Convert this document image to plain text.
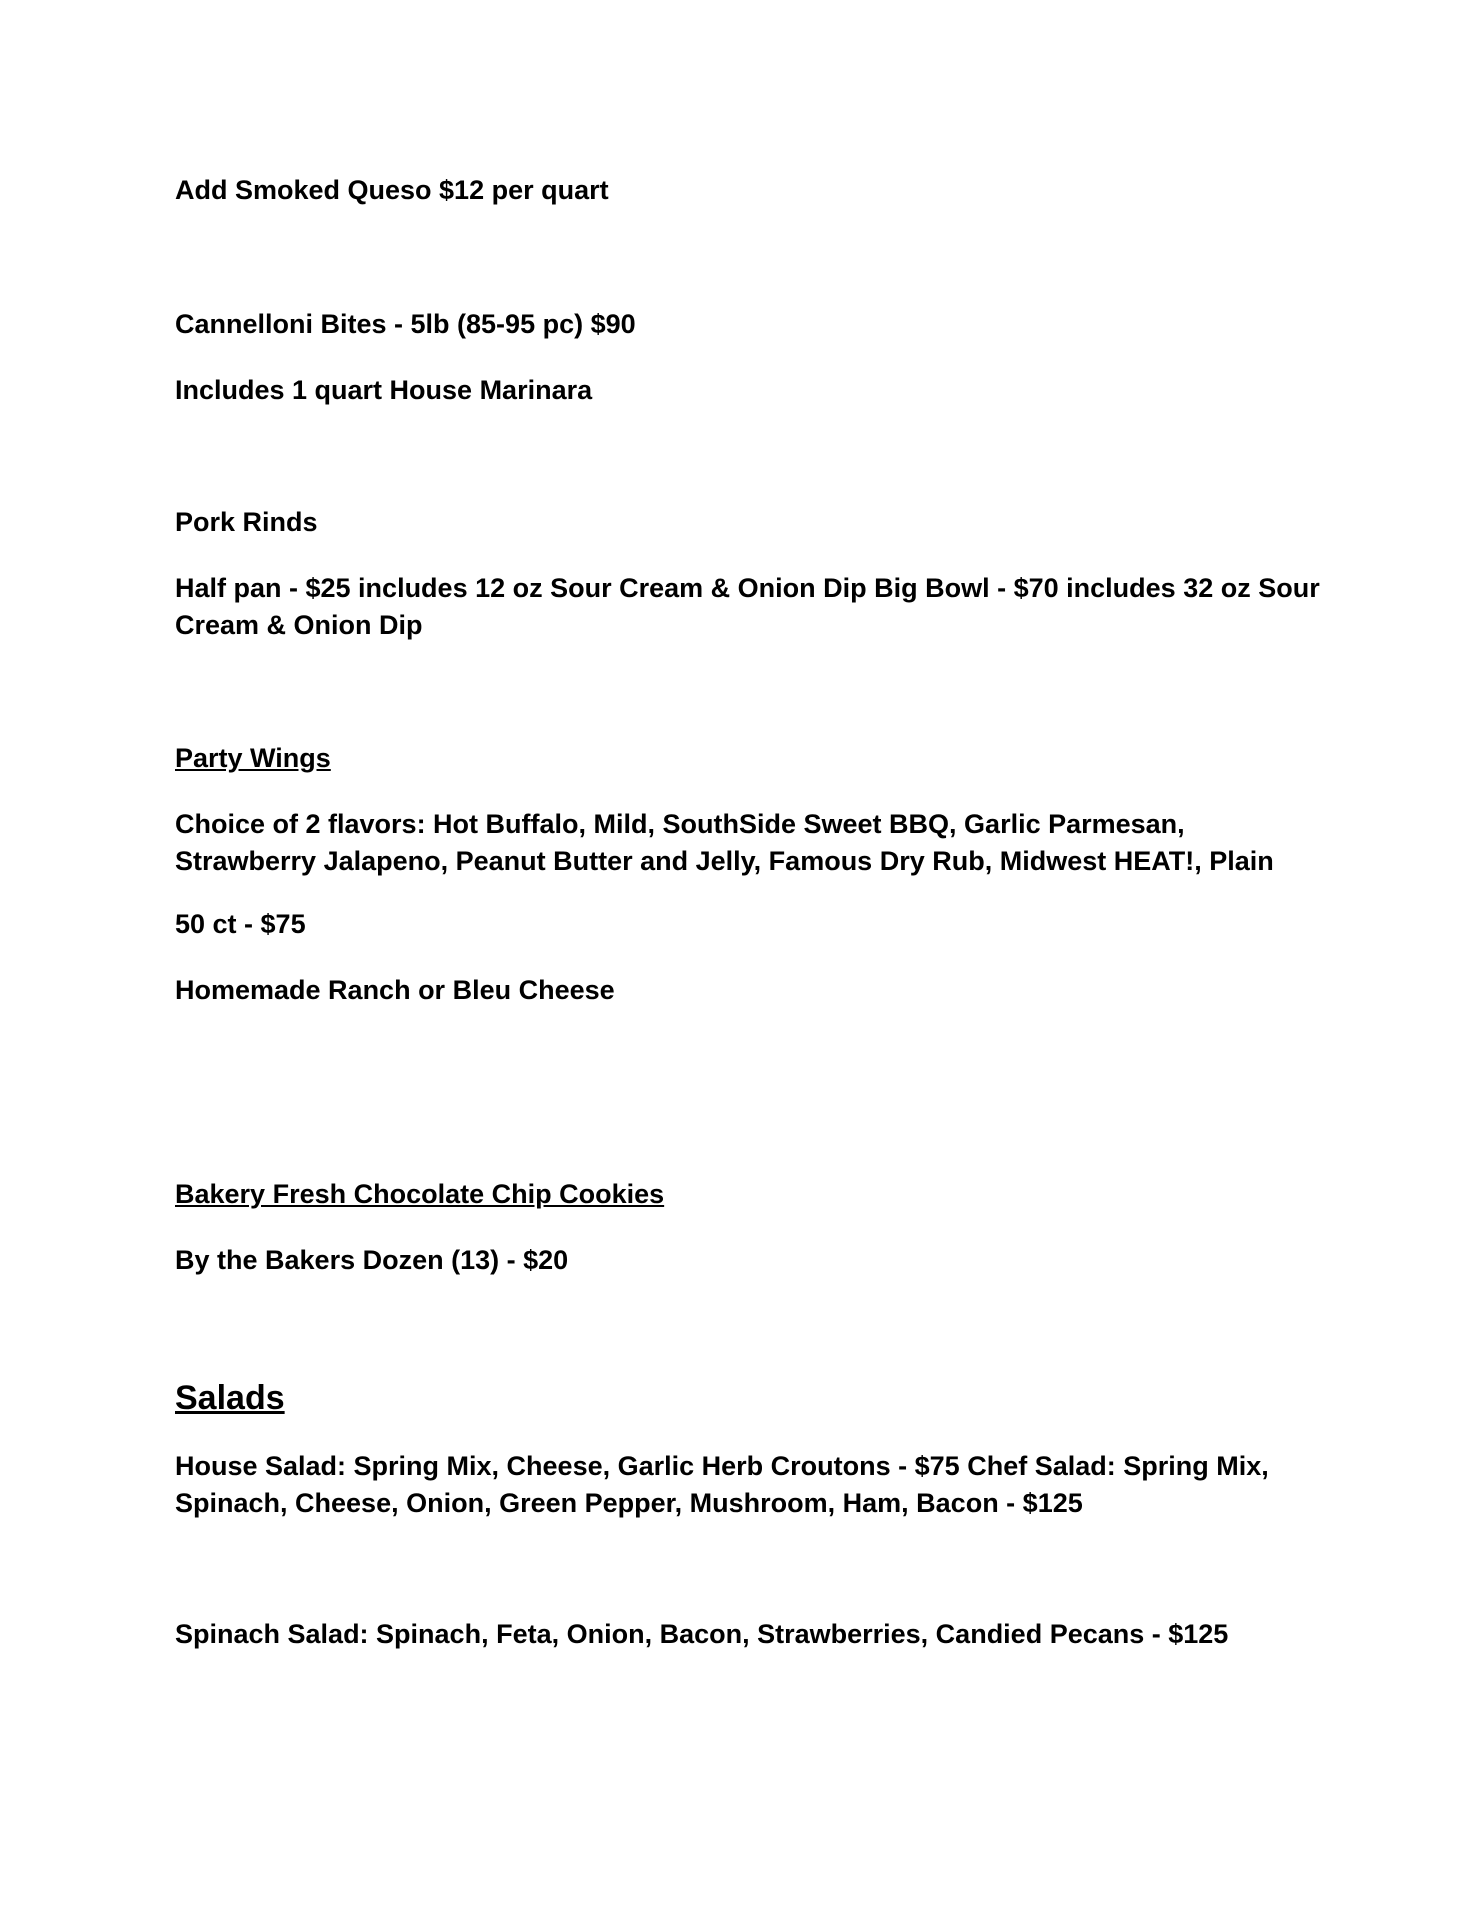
Add Smoked Queso $12 per quart

Cannelloni Bites - 5lb (85-95 pc) $90

Includes 1 quart House Marinara

Pork Rinds

Half pan - $25 includes 12 oz Sour Cream & Onion Dip Big Bowl - $70 includes 32 oz Sour Cream & Onion Dip

Party Wings

Choice of 2 flavors: Hot Buffalo, Mild, SouthSide Sweet BBQ, Garlic Parmesan, Strawberry Jalapeno, Peanut Butter and Jelly, Famous Dry Rub, Midwest HEAT!, Plain

50 ct - $75

Homemade Ranch or Bleu Cheese

Bakery Fresh Chocolate Chip Cookies

By the Bakers Dozen (13) - $20

Salads

House Salad: Spring Mix, Cheese, Garlic Herb Croutons - $75 Chef Salad: Spring Mix, Spinach, Cheese, Onion, Green Pepper, Mushroom, Ham, Bacon - $125

Spinach Salad: Spinach, Feta, Onion, Bacon, Strawberries, Candied Pecans - $125
